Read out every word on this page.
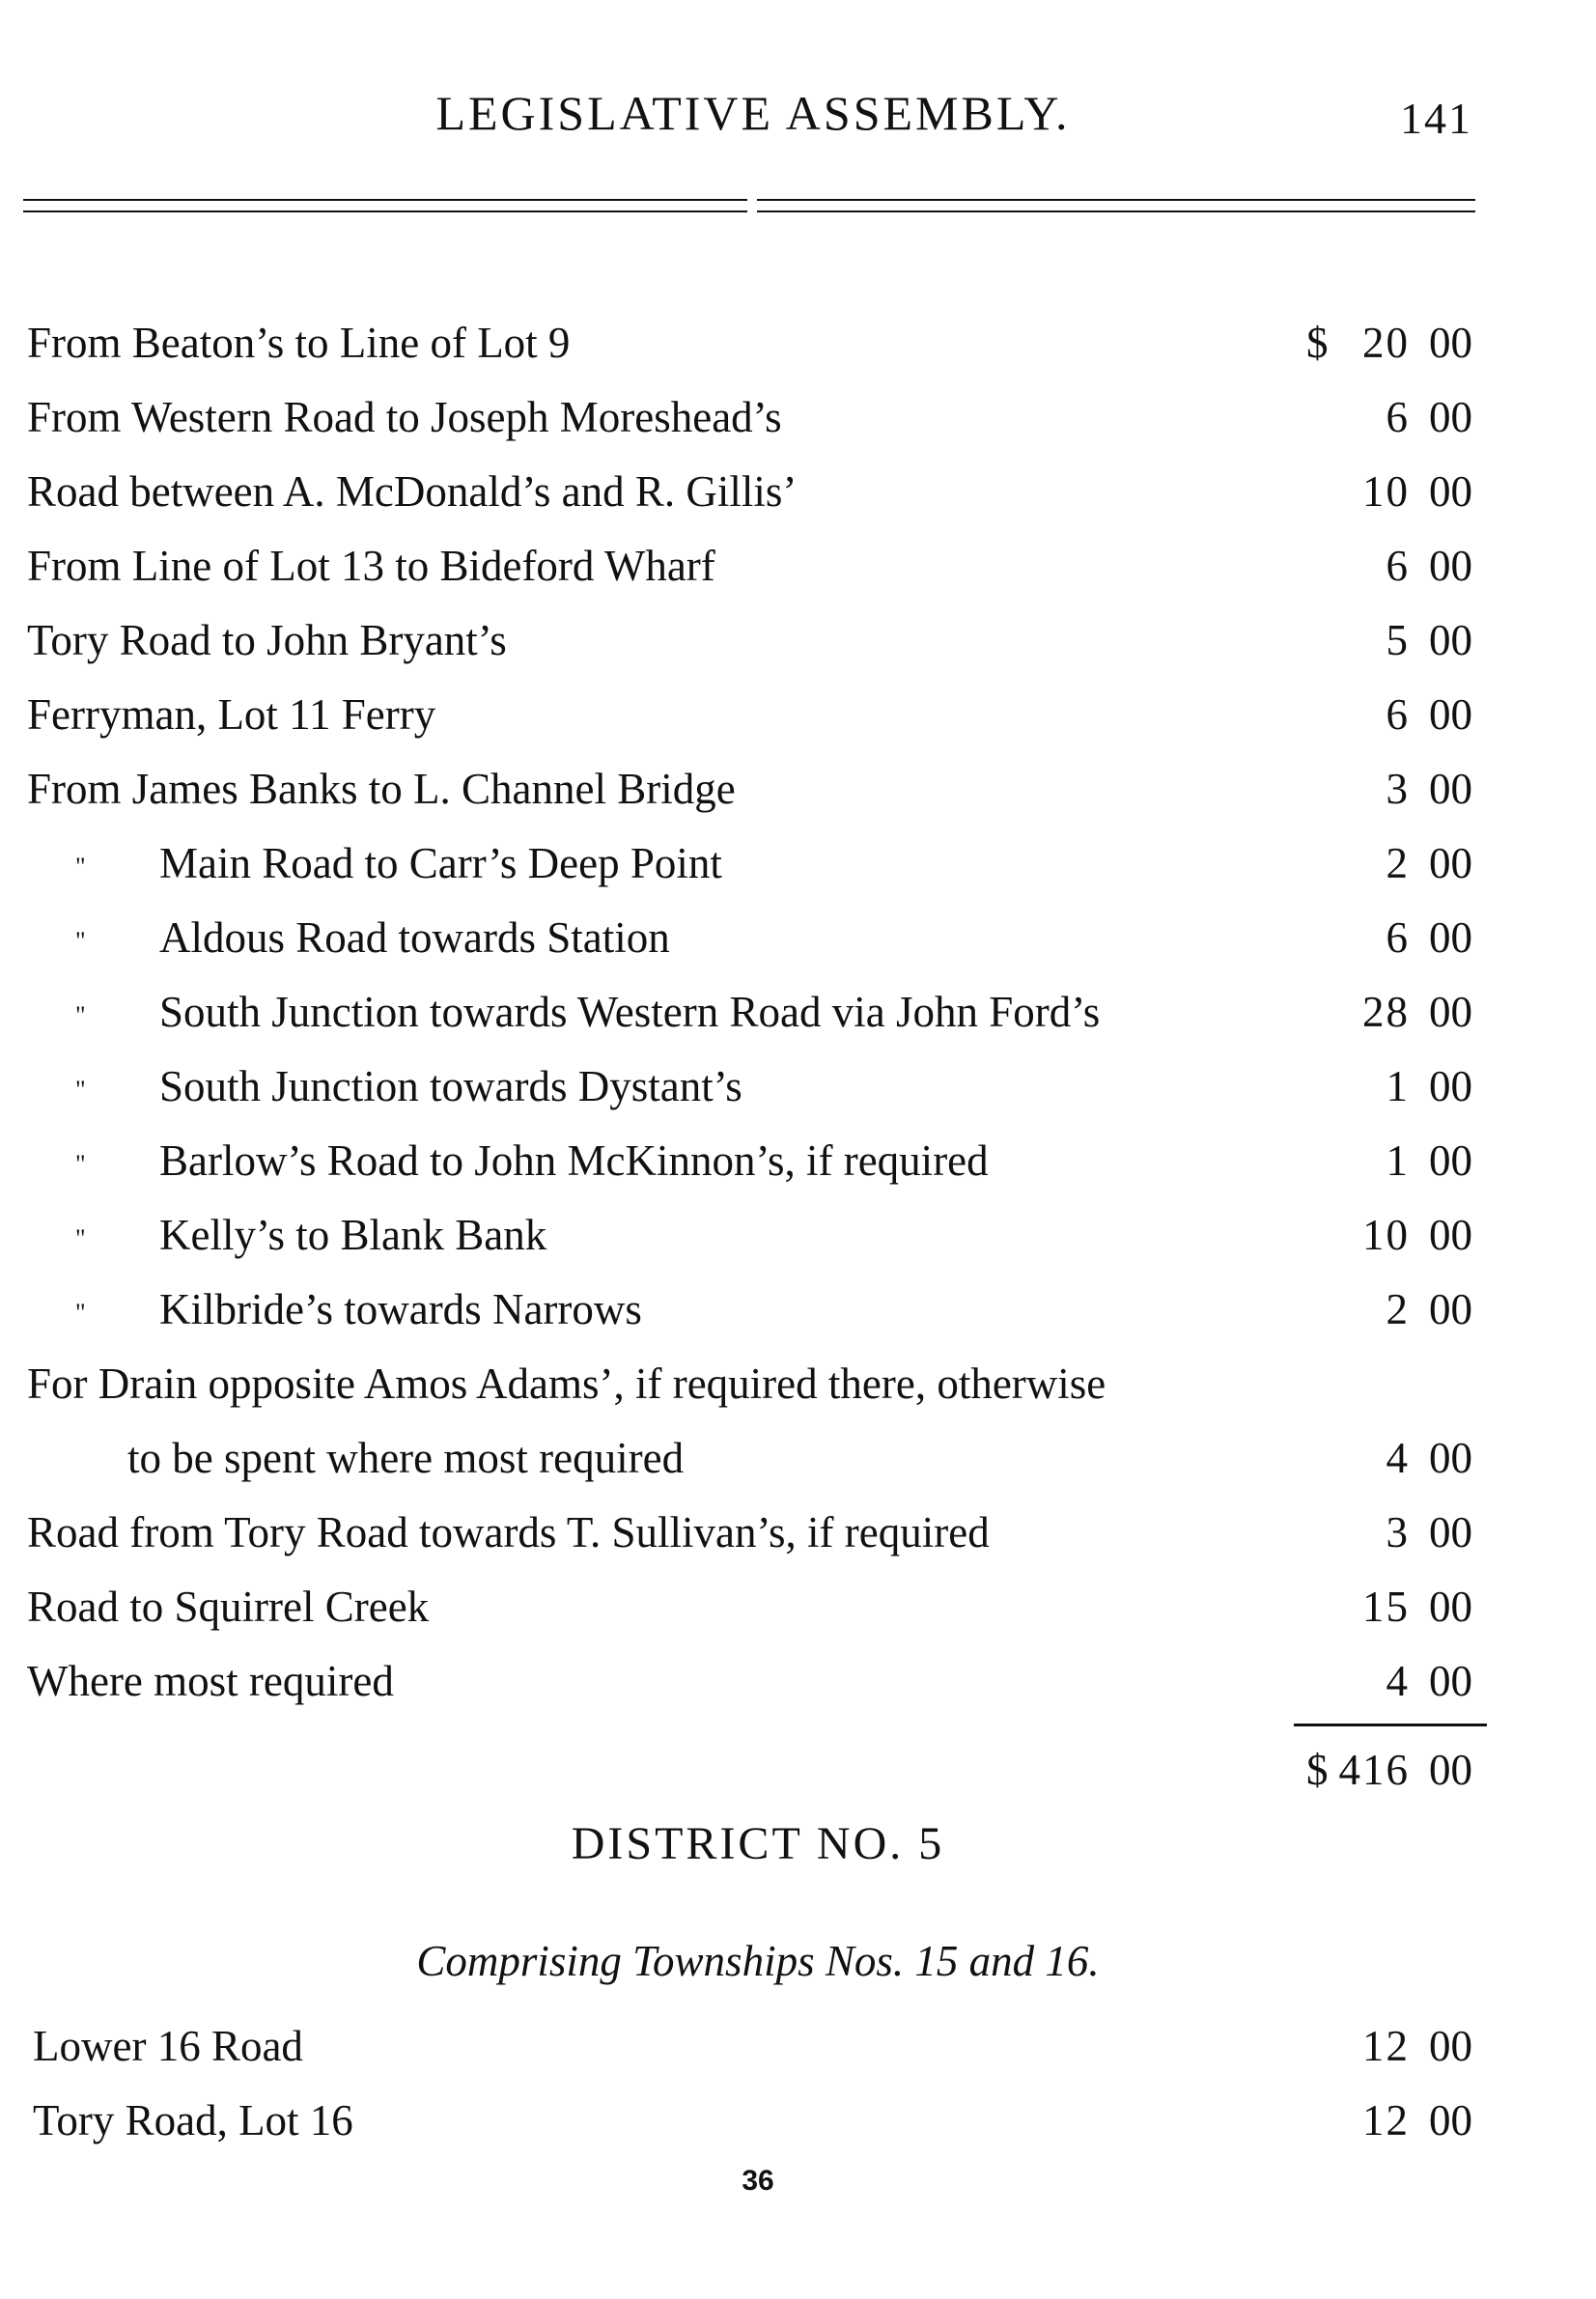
LEGISLATIVE ASSEMBLY.	141
From Beaton’s to Line of Lot 9	$ 20 00
From Western Road to Joseph Moreshead’s	6 00
Road between A. McDonald’s and R. Gillis’	10 00
From Line of Lot 13 to Bideford Wharf	6 00
Tory Road to John Bryant’s	5 00
Ferryman, Lot 11 Ferry	6 00
From James Banks to L. Channel Bridge	3 00
" Main Road to Carr’s Deep Point	2 00
" Aldous Road towards Station	6 00
" South Junction towards Western Road via John Ford’s	28 00
" South Junction towards Dystant’s	1 00
" Barlow’s Road to John McKinnon’s, if required	1 00
" Kelly’s to Blank Bank	10 00
" Kilbride’s towards Narrows	2 00
For Drain opposite Amos Adams’, if required there, otherwise
to be spent where most required	4 00
Road from Tory Road towards T. Sullivan’s, if required	3 00
Road to Squirrel Creek	15 00
Where most required	4 00
$ 416 00
DISTRICT NO. 5
Comprising Townships Nos. 15 and 16.
Lower 16 Road	12 00
Tory Road, Lot 16	12 00
36
